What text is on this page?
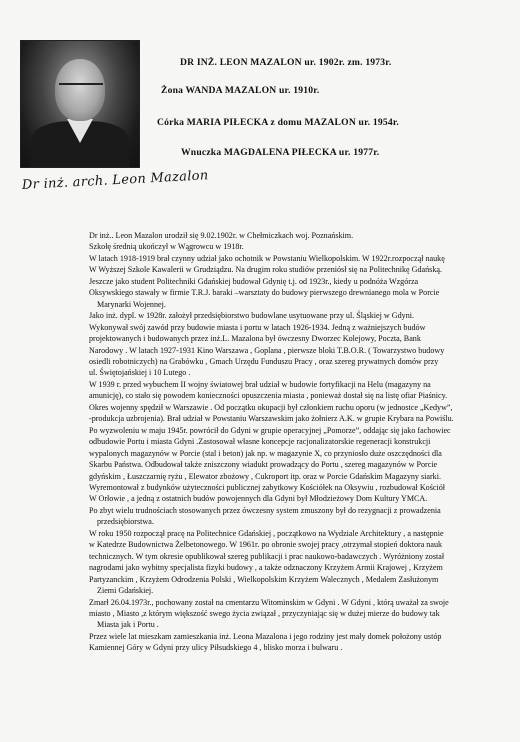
DR INŻ. LEON MAZALON ur. 1902r. zm. 1973r.
Żona WANDA MAZALON ur. 1910r.
Córka MARIA PIŁECKA z domu MAZALON ur. 1954r.
Wnuczka MAGDALENA PIŁECKA ur. 1977r.
Dr inż. arch. Leon Mazalon
Dr inż.. Leon Mazalon urodził się 9.02.1902r. w Chełmiczkach woj. Poznańskim.
Szkołę średnią ukończył w Wągrowcu w 1918r.
W latach 1918-1919 brał czynny udział jako ochotnik w Powstaniu Wielkopolskim. W 1922r.rozpoczął naukę
W Wyższej Szkole Kawalerii w Grudziądzu. Na drugim roku studiów przeniósł się na Politechnikę Gdańską.
Jeszcze jako student Politechniki Gdańskiej budował Gdynię t.j. od 1923r., kiedy u podnóża Wzgórza
Oksywskiego stawały w firmie T.R.J. baraki –warsztaty do budowy pierwszego drewnianego mola w Porcie
Marynarki Wojennej.
Jako inż. dypl. w 1928r. założył przedsiębiorstwo budowlane usytuowane przy ul. Śląskiej w Gdyni.
Wykonywał swój zawód przy budowie miasta i portu w latach 1926-1934. Jedną z ważniejszych budów
projektowanych i budowanych przez inż.L. Mazalona był ówczesny Dworzec Kolejowy, Poczta, Bank
Narodowy . W latach 1927-1931 Kino Warszawa , Goplana , pierwsze bloki T.B.O.R. ( Towarzystwo budowy
osiedli robotniczych) na Grabówku , Gmach Urzędu Funduszu Pracy , oraz szereg prywatnych domów przy
ul. Świętojańskiej i 10 Lutego .
W 1939 r. przed wybuchem II wojny światowej brał udział w budowie fortyfikacji na Helu (magazyny na
amunicję), co stało się powodem konieczności opuszczenia miasta , ponieważ dostał się na listę ofiar Piaśnicy.
Okres wojenny spędził w Warszawie . Od początku okupacji był członkiem ruchu oporu (w jednostce „Kedyw”,
-produkcja uzbrojenia). Brał udział w Powstaniu Warszawskim jako żołnierz A.K. w grupie Krybara na Powiślu.
Po wyzwoleniu w maju 1945r. powrócił do Gdyni w grupie operacyjnej „Pomorze”, oddając się jako fachowiec
odbudowie Portu i miasta Gdyni .Zastosował własne koncepcje racjonalizatorskie regeneracji konstrukcji
wypalonych magazynów w Porcie (stal i beton) jak np. w magazynie X, co przyniosło duże oszczędności dla
Skarbu Państwa. Odbudował także zniszczony wiadukt prowadzący do Portu , szereg magazynów w Porcie
gdyńskim , Łuszczarnię ryżu , Elewator zbożowy , Cukroport itp. oraz w Porcie Gdańskim Magazyny siarki.
Wyremontował z budynków użyteczności publicznej zabytkowy Kościółek na Oksywiu , rozbudował Kościół
W Orłowie , a jedną z ostatnich budów powojennych dla Gdyni był Młodzieżowy Dom Kultury YMCA.
Po zbyt wielu trudnościach stosowanych przez ówczesny system zmuszony był do rezygnacji z prowadzenia
przedsiębiorstwa.
W roku 1950 rozpoczął pracę na Politechnice Gdańskiej , początkowo na Wydziale Architektury , a następnie
w Katedrze Budownictwa Żelbetonowego. W 1961r. po obronie swojej pracy ,otrzymał stopień doktora nauk
technicznych. W tym okresie opublikował szereg publikacji i prac naukowo-badawczych . Wyróżniony został
nagrodami jako wybitny specjalista fizyki budowy , a także odznaczony Krzyżem Armii Krajowej , Krzyżem
Partyzanckim , Krzyżem Odrodzenia Polski , Wielkopolskim Krzyżem Walecznych , Medalem Zasłużonym
Ziemi Gdańskiej.
Zmarł 26.04.1973r., pochowany został na cmentarzu Witominskim w Gdyni . W Gdyni , którą uważał za swoje
miasto , Miasto ,z którym większość swego życia związał , przyczyniając się w dużej mierze do budowy tak
Miasta jak i Portu .
Przez wiele lat mieszkam zamieszkania inż. Leona Mazalona i jego rodziny jest mały domek położony ustóp
Kamiennej Góry w Gdyni przy ulicy Piłsudskiego 4 , blisko morza i bulwaru .
